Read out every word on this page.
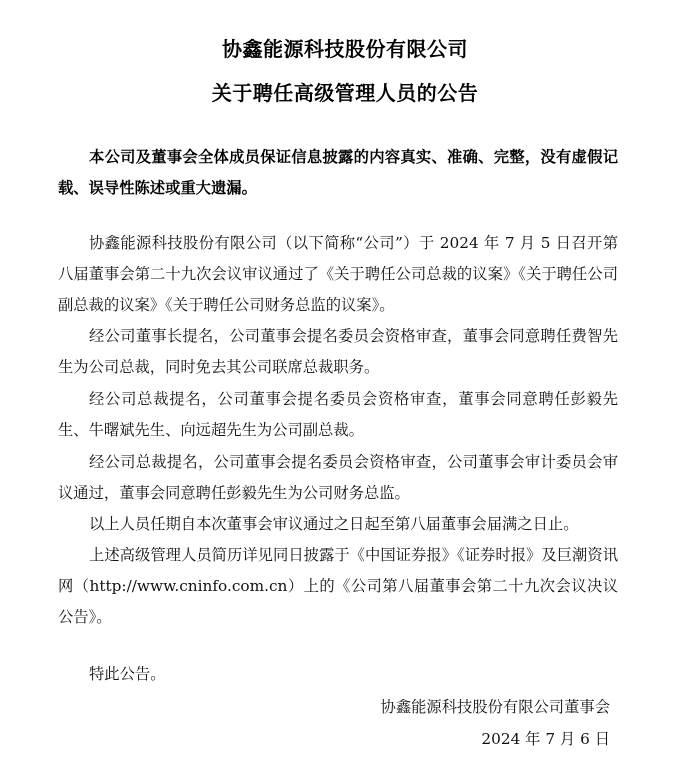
协鑫能源科技股份有限公司
关于聘任高级管理人员的公告
本公司及董事会全体成员保证信息披露的内容真实、准确、完整，没有虚假记载、误导性陈述或重大遗漏。
协鑫能源科技股份有限公司（以下简称“公司”）于 2024 年 7 月 5 日召开第八届董事会第二十九次会议审议通过了《关于聘任公司总裁的议案》《关于聘任公司副总裁的议案》《关于聘任公司财务总监的议案》。
经公司董事长提名，公司董事会提名委员会资格审查，董事会同意聘任费智先生为公司总裁，同时免去其公司联席总裁职务。
经公司总裁提名，公司董事会提名委员会资格审查，董事会同意聘任彭毅先生、牛曙斌先生、向远超先生为公司副总裁。
经公司总裁提名，公司董事会提名委员会资格审查，公司董事会审计委员会审议通过，董事会同意聘任彭毅先生为公司财务总监。
以上人员任期自本次董事会审议通过之日起至第八届董事会届满之日止。
上述高级管理人员简历详见同日披露于《中国证券报》《证券时报》及巨潮资讯网（http://www.cninfo.com.cn）上的《公司第八届董事会第二十九次会议决议公告》。
特此公告。
协鑫能源科技股份有限公司董事会
2024 年 7 月 6 日
